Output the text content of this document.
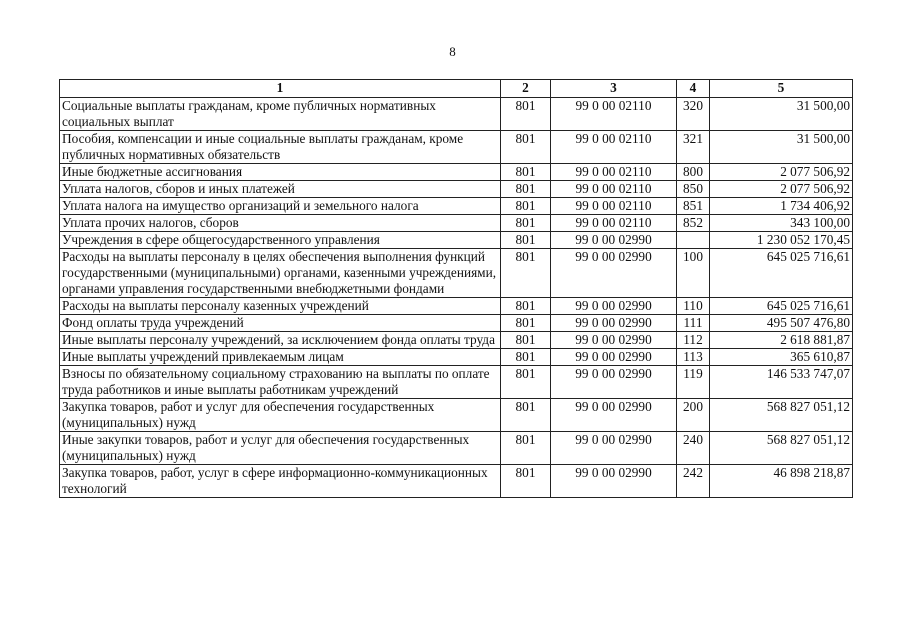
8
1	2	3	4	5
Социальные выплаты гражданам, кроме публичных нормативных социальных выплат	801	99 0 00 02110	320	31 500,00
Пособия, компенсации и иные социальные выплаты гражданам, кроме публичных нормативных обязательств	801	99 0 00 02110	321	31 500,00
Иные бюджетные ассигнования	801	99 0 00 02110	800	2 077 506,92
Уплата налогов, сборов и иных платежей	801	99 0 00 02110	850	2 077 506,92
Уплата налога на имущество организаций и земельного налога	801	99 0 00 02110	851	1 734 406,92
Уплата прочих налогов, сборов	801	99 0 00 02110	852	343 100,00
Учреждения в сфере общегосударственного управления	801	99 0 00 02990		1 230 052 170,45
Расходы на выплаты персоналу в целях обеспечения выполнения функций государственными (муниципальными) органами, казенными учреждениями, органами управления государственными внебюджетными фондами	801	99 0 00 02990	100	645 025 716,61
Расходы на выплаты персоналу казенных учреждений	801	99 0 00 02990	110	645 025 716,61
Фонд оплаты труда учреждений	801	99 0 00 02990	111	495 507 476,80
Иные выплаты персоналу учреждений, за исключением фонда оплаты труда	801	99 0 00 02990	112	2 618 881,87
Иные выплаты учреждений привлекаемым лицам	801	99 0 00 02990	113	365 610,87
Взносы по обязательному социальному страхованию на выплаты по оплате труда работников и иные выплаты работникам учреждений	801	99 0 00 02990	119	146 533 747,07
Закупка товаров, работ и услуг для обеспечения государственных (муниципальных) нужд	801	99 0 00 02990	200	568 827 051,12
Иные закупки товаров, работ и услуг для обеспечения государственных (муниципальных) нужд	801	99 0 00 02990	240	568 827 051,12
Закупка товаров, работ, услуг в сфере информационно-коммуникационных технологий	801	99 0 00 02990	242	46 898 218,87
